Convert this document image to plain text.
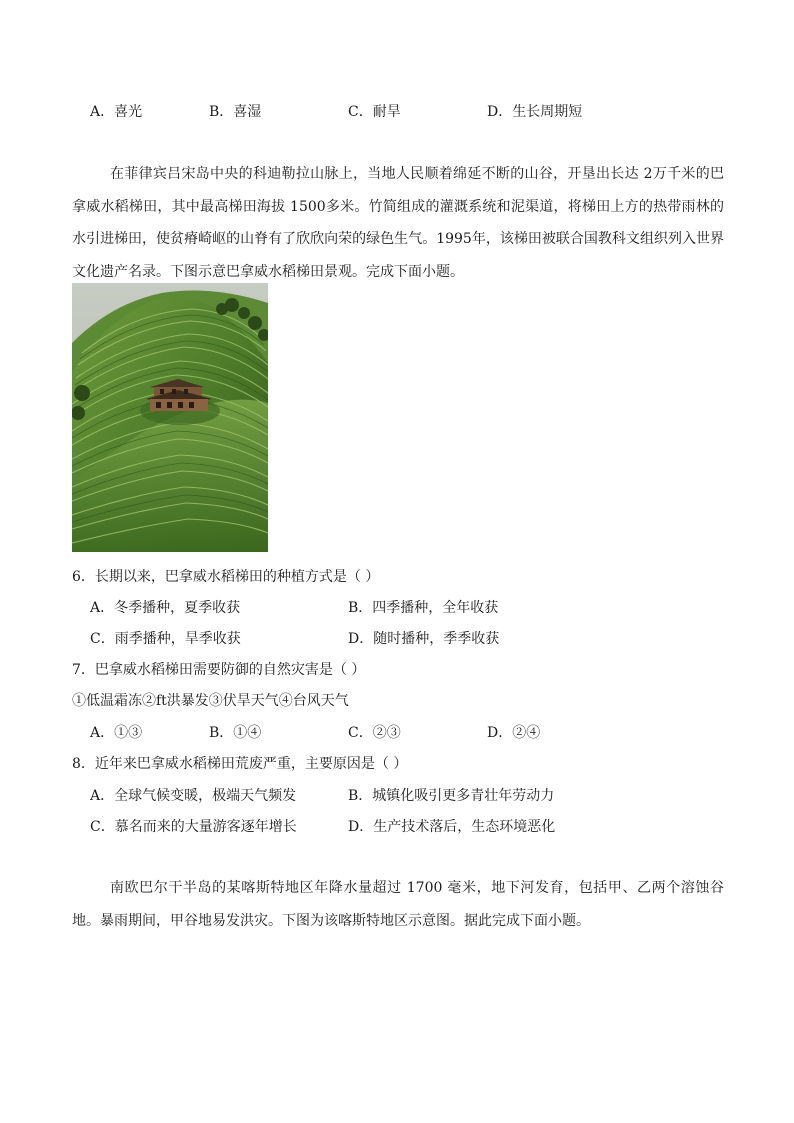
A．喜光	B．喜湿	C．耐旱	D．生长周期短
在菲律宾吕宋岛中央的科迪勒拉山脉上，当地人民顺着绵延不断的山谷，开垦出长达 2万千米的巴拿威水稻梯田，其中最高梯田海拔 1500多米。竹简组成的灌溉系统和泥渠道，将梯田上方的热带雨林的水引进梯田，使贫瘠崎岖的山脊有了欣欣向荣的绿色生气。1995年，该梯田被联合国教科文组织列入世界文化遗产名录。下图示意巴拿威水稻梯田景观。完成下面小题。
6．长期以来，巴拿威水稻梯田的种植方式是（ ）
A．冬季播种，夏季收获	B．四季播种，全年收获
C．雨季播种，旱季收获	D．随时播种，季季收获
7．巴拿威水稻梯田需要防御的自然灾害是（ ）
①低温霜冻②ft洪暴发③伏旱天气④台风天气
A．①③	B．①④	C．②③	D．②④
8．近年来巴拿威水稻梯田荒废严重，主要原因是（ ）
A．全球气候变暖，极端天气频发	B．城镇化吸引更多青壮年劳动力
C．慕名而来的大量游客逐年增长	D．生产技术落后，生态环境恶化
南欧巴尔干半岛的某喀斯特地区年降水量超过 1700 毫米，地下河发育，包括甲、乙两个溶蚀谷地。暴雨期间，甲谷地易发洪灾。下图为该喀斯特地区示意图。据此完成下面小题。
